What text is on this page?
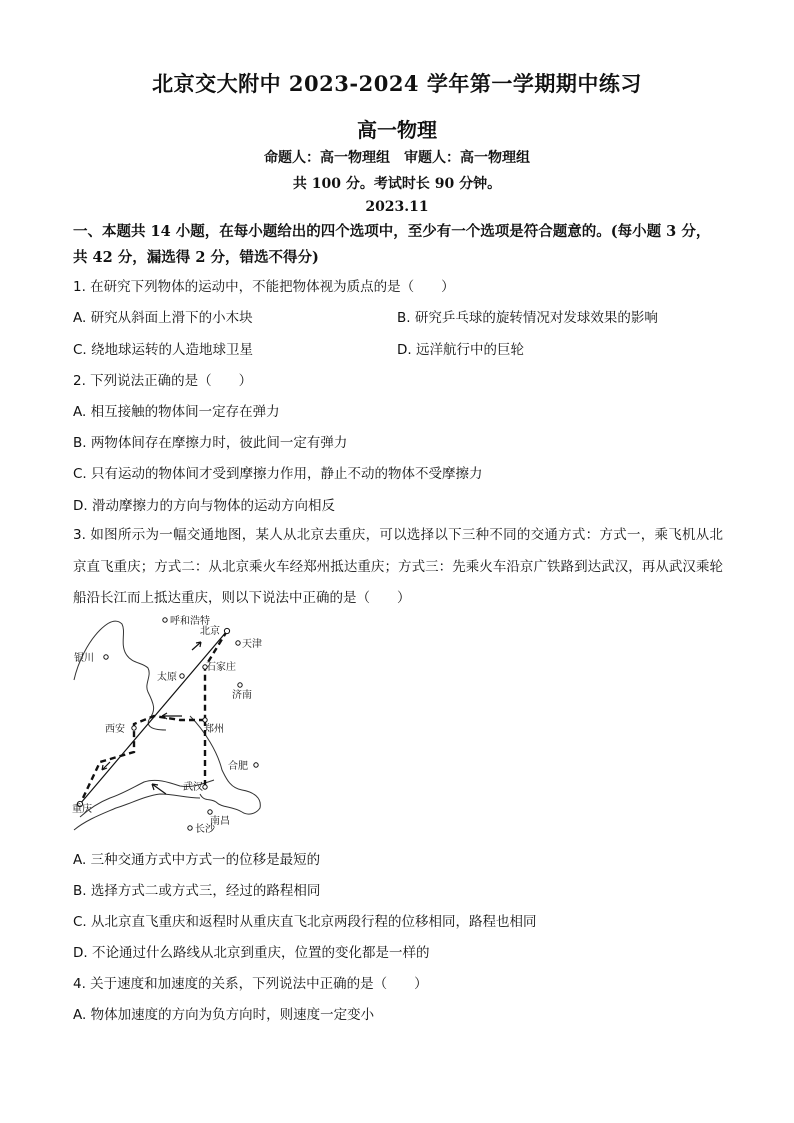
北京交大附中 2023-2024 学年第一学期期中练习
高一物理
命题人：高一物理组　审题人：高一物理组
共 100 分。考试时长 90 分钟。
2023.11
一、本题共 14 小题，在每小题给出的四个选项中，至少有一个选项是符合题意的。(每小题 3 分，共 42 分，漏选得 2 分，错选不得分)
1. 在研究下列物体的运动中，不能把物体视为质点的是（　　）
A. 研究从斜面上滑下的小木块	B. 研究乒乓球的旋转情况对发球效果的影响
C. 绕地球运转的人造地球卫星	D. 远洋航行中的巨轮
2. 下列说法正确的是（　　）
A. 相互接触的物体间一定存在弹力
B. 两物体间存在摩擦力时，彼此间一定有弹力
C. 只有运动的物体间才受到摩擦力作用，静止不动的物体不受摩擦力
D. 滑动摩擦力的方向与物体的运动方向相反
3. 如图所示为一幅交通地图，某人从北京去重庆，可以选择以下三种不同的交通方式：方式一，乘飞机从北京直飞重庆；方式二：从北京乘火车经郑州抵达重庆；方式三：先乘火车沿京广铁路到达武汉，再从武汉乘轮船沿长江而上抵达重庆，则以下说法中正确的是（　　）
呼和浩特
北京
天津
银川
石家庄
太原
济南
西安	郑州
合肥
武汉
重庆
南昌
长沙
A. 三种交通方式中方式一的位移是最短的
B. 选择方式二或方式三，经过的路程相同
C. 从北京直飞重庆和返程时从重庆直飞北京两段行程的位移相同，路程也相同
D. 不论通过什么路线从北京到重庆，位置的变化都是一样的
4. 关于速度和加速度的关系，下列说法中正确的是（　　）
A. 物体加速度的方向为负方向时，则速度一定变小
